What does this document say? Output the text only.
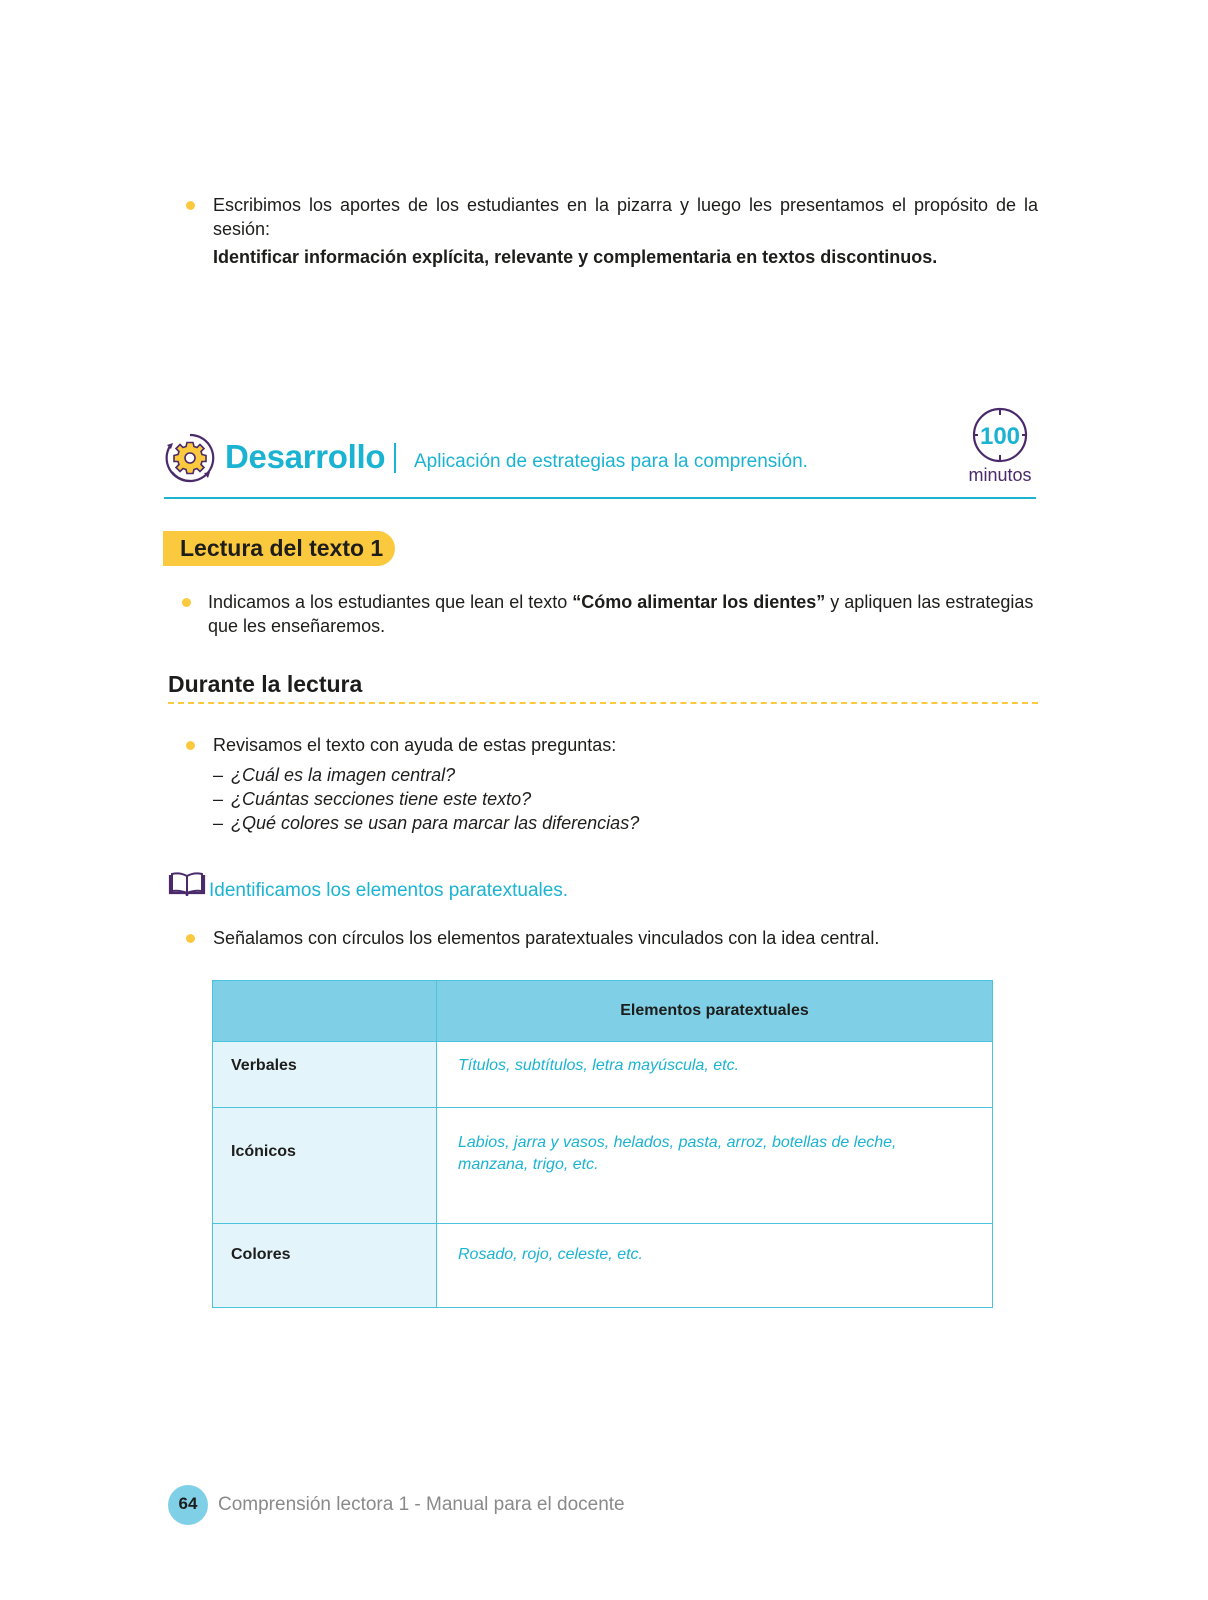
Escribimos los aportes de los estudiantes en la pizarra y luego les presentamos el propósito de la sesión:
Identificar información explícita, relevante y complementaria en textos discontinuos.
Desarrollo Aplicación de estrategias para la comprensión.
100
minutos
Lectura del texto 1
Indicamos a los estudiantes que lean el texto “Cómo alimentar los dientes” y apliquen las estrategias que les enseñaremos.
Durante la lectura
Revisamos el texto con ayuda de estas preguntas:
– ¿Cuál es la imagen central?
– ¿Cuántas secciones tiene este texto?
– ¿Qué colores se usan para marcar las diferencias?
Identificamos los elementos paratextuales.
Señalamos con círculos los elementos paratextuales vinculados con la idea central.
	Elementos paratextuales

Verbales	Títulos, subtítulos, letra mayúscula, etc.

Icónicos	Labios, jarra y vasos, helados, pasta, arroz, botellas de leche,
manzana, trigo, etc.

Colores	Rosado, rojo, celeste, etc.
64	Comprensión lectora 1 - Manual para el docente
